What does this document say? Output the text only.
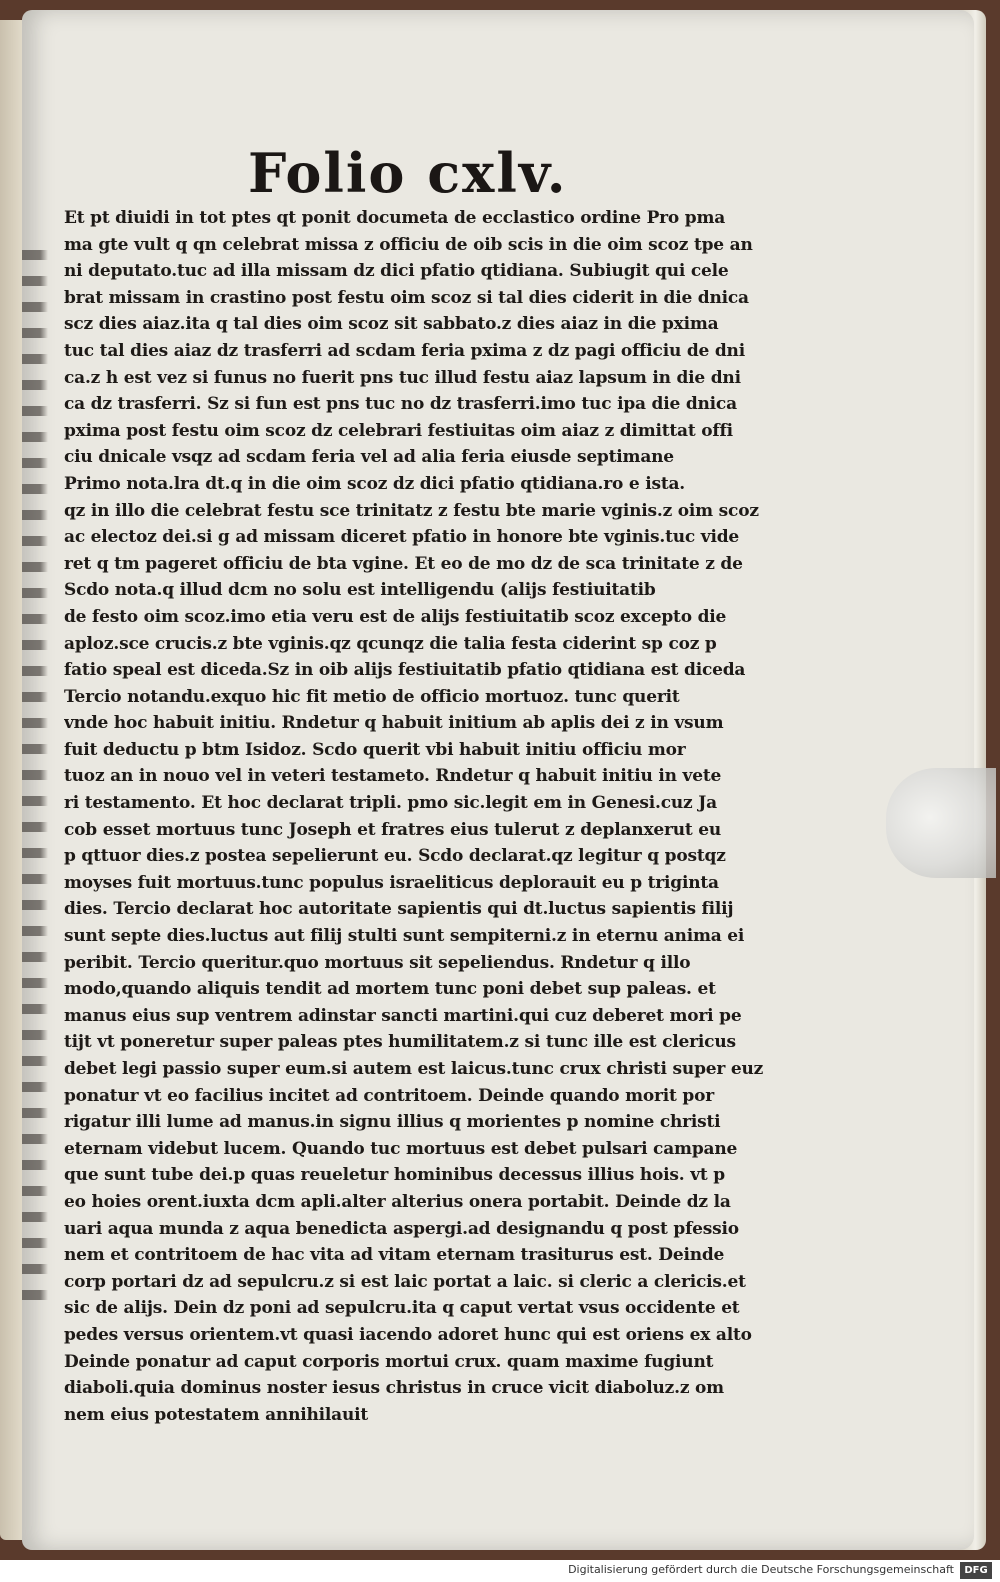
Folio cxlv.
Et pt diuidi in tot ptes qt ponit documeta de ecclastico ordine Pro pma
ma gte vult q qn celebrat missa z officiu de oib scis in die oim scoz tpe an
ni deputato.tuc ad illa missam dz dici pfatio qtidiana. Subiugit qui cele
brat missam in crastino post festu oim scoz si tal dies ciderit in die dnica
scz dies aiaz.ita q tal dies oim scoz sit sabbato.z dies aiaz in die pxima
tuc tal dies aiaz dz trasferri ad scdam feria pxima z dz pagi officiu de dni
ca.z h est vez si funus no fuerit pns tuc illud festu aiaz lapsum in die dni
ca dz trasferri. Sz si fun est pns tuc no dz trasferri.imo tuc ipa die dnica
pxima post festu oim scoz dz celebrari festiuitas oim aiaz z dimittat offi
ciu dnicale vsqz ad scdam feria vel ad alia feria eiusde septimane
Primo nota.lra dt.q in die oim scoz dz dici pfatio qtidiana.ro e ista.
qz in illo die celebrat festu sce trinitatz z festu bte marie vginis.z oim scoz
ac electoz dei.si g ad missam diceret pfatio in honore bte vginis.tuc vide
ret q tm pageret officiu de bta vgine. Et eo de mo dz de sca trinitate z de
Scdo nota.q illud dcm no solu est intelligendu (alijs festiuitatib
de festo oim scoz.imo etia veru est de alijs festiuitatib scoz excepto die
aploz.sce crucis.z bte vginis.qz qcunqz die talia festa ciderint sp coz p
fatio speal est diceda.Sz in oib alijs festiuitatib pfatio qtidiana est diceda
Tercio notandu.exquo hic fit metio de officio mortuoz. tunc querit
vnde hoc habuit initiu. Rndetur q habuit initium ab aplis dei z in vsum
fuit deductu p btm Isidoz. Scdo querit vbi habuit initiu officiu mor
tuoz an in nouo vel in veteri testameto. Rndetur q habuit initiu in vete
ri testamento. Et hoc declarat tripli. pmo sic.legit em in Genesi.cuz Ja
cob esset mortuus tunc Joseph et fratres eius tulerut z deplanxerut eu
p qttuor dies.z postea sepelierunt eu. Scdo declarat.qz legitur q postqz
moyses fuit mortuus.tunc populus israeliticus deplorauit eu p triginta
dies. Tercio declarat hoc autoritate sapientis qui dt.luctus sapientis filij
sunt septe dies.luctus aut filij stulti sunt sempiterni.z in eternu anima ei
peribit. Tercio queritur.quo mortuus sit sepeliendus. Rndetur q illo
modo,quando aliquis tendit ad mortem tunc poni debet sup paleas. et
manus eius sup ventrem adinstar sancti martini.qui cuz deberet mori pe
tijt vt poneretur super paleas ptes humilitatem.z si tunc ille est clericus
debet legi passio super eum.si autem est laicus.tunc crux christi super euz
ponatur vt eo facilius incitet ad contritoem. Deinde quando morit por
rigatur illi lume ad manus.in signu illius q morientes p nomine christi
eternam videbut lucem. Quando tuc mortuus est debet pulsari campane
que sunt tube dei.p quas reueletur hominibus decessus illius hois. vt p
eo hoies orent.iuxta dcm apli.alter alterius onera portabit. Deinde dz la
uari aqua munda z aqua benedicta aspergi.ad designandu q post pfessio
nem et contritoem de hac vita ad vitam eternam trasiturus est. Deinde
corp portari dz ad sepulcru.z si est laic portat a laic. si cleric a clericis.et
sic de alijs. Dein dz poni ad sepulcru.ita q caput vertat vsus occidente et
pedes versus orientem.vt quasi iacendo adoret hunc qui est oriens ex alto
Deinde ponatur ad caput corporis mortui crux. quam maxime fugiunt
diaboli.quia dominus noster iesus christus in cruce vicit diaboluz.z om
nem eius potestatem annihilauit
Digitalisierung gefördert durch die Deutsche Forschungsgemeinschaft	DFG
